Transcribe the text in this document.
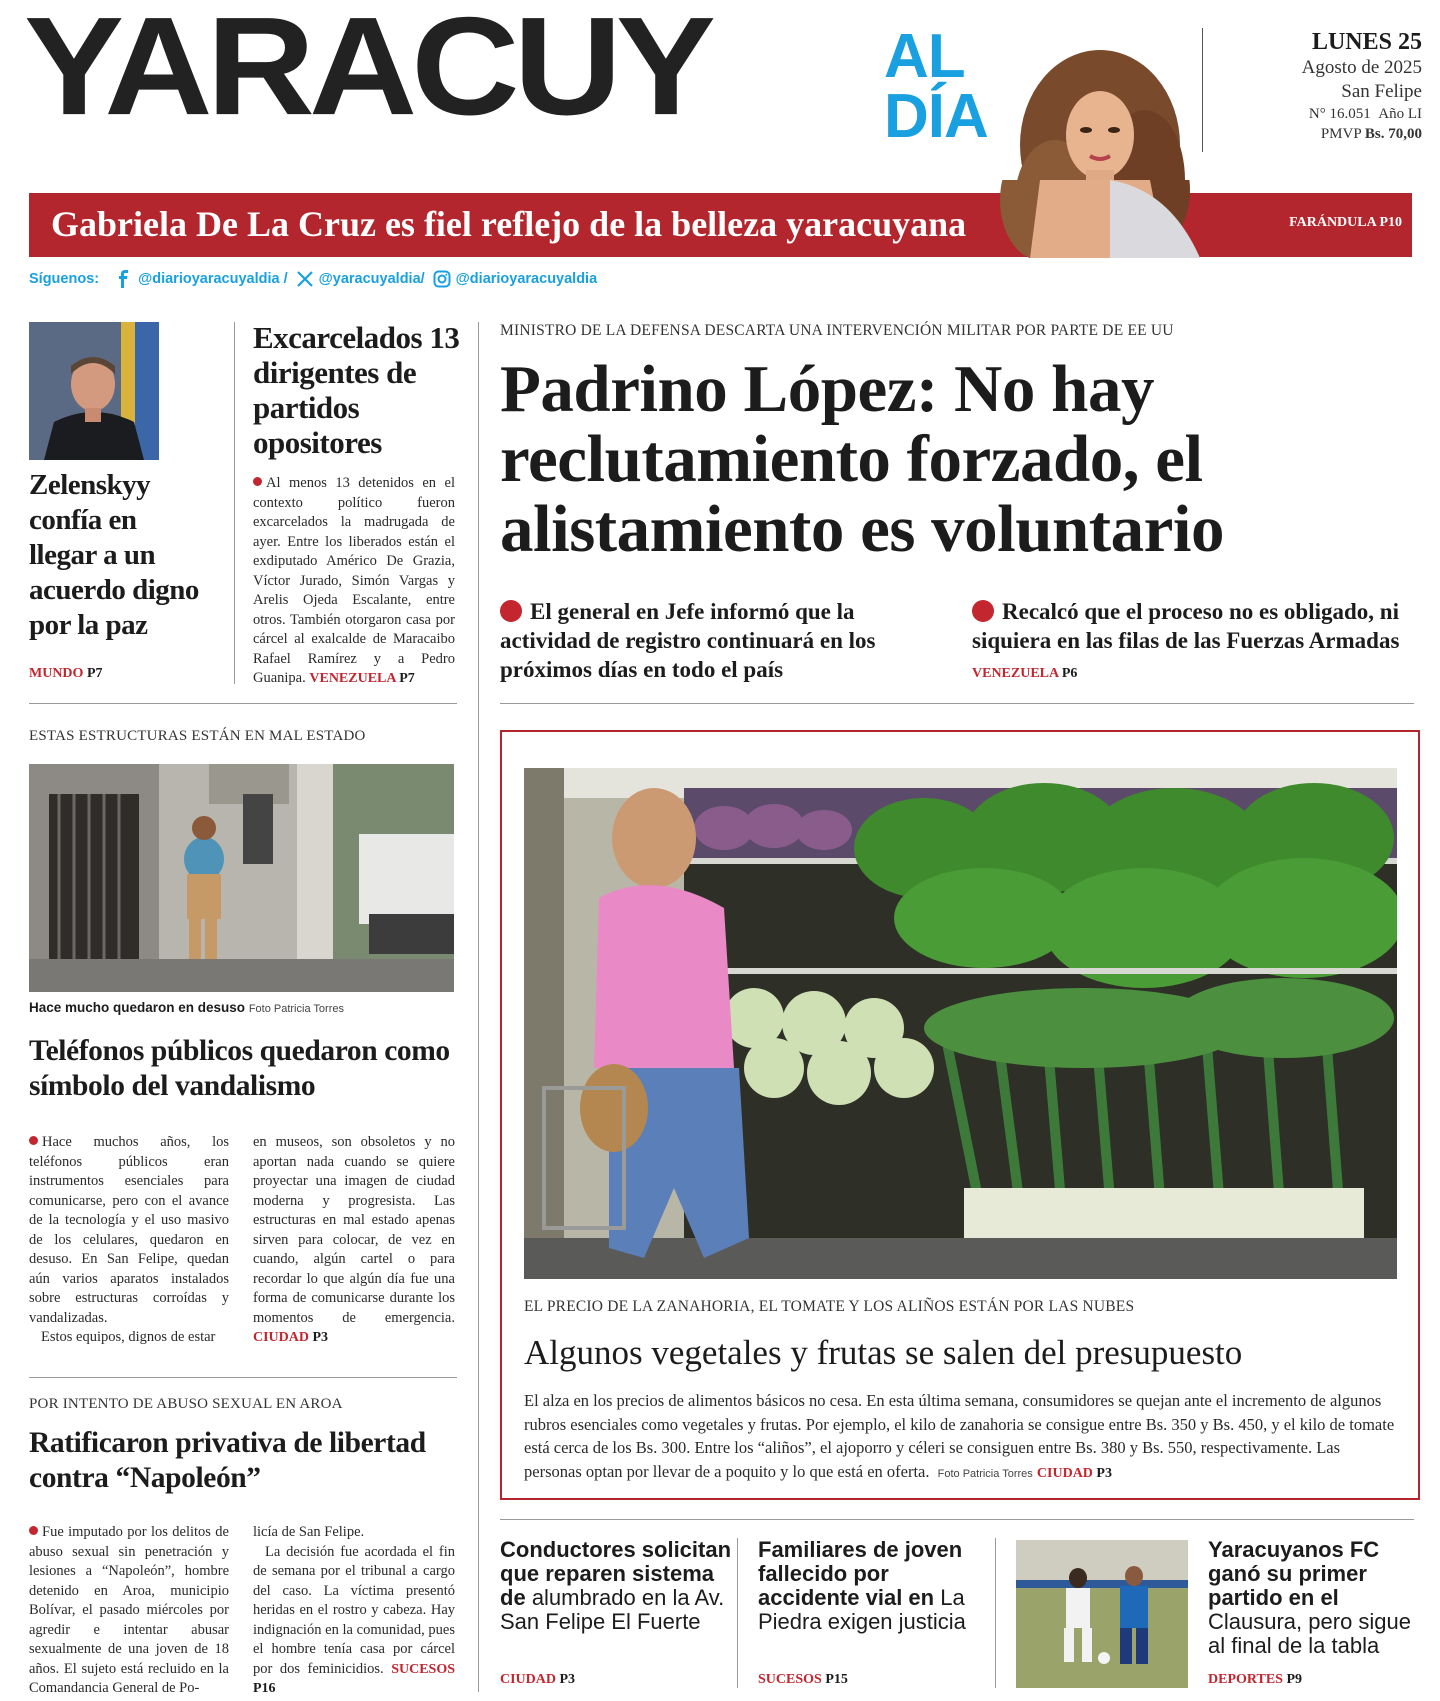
YARACUY	AL
DÍA
LUNES 25
Agosto de 2025
San Felipe
N° 16.051 Año LI
PMVP Bs. 70,00
Gabriela De La Cruz es fiel reflejo de la belleza yaracuyana	FARÁNDULA P10
Síguenos:	@diarioyaracuyaldia / @yaracuyaldia/ @diarioyaracuyaldia
Zelenskyy confía en llegar a un acuerdo digno por la paz
MUNDO P7
Excarcelados 13 dirigentes de partidos opositores
Al menos 13 detenidos en el contexto político fueron excarcelados la madrugada de ayer. Entre los liberados están el exdiputado Américo De Grazia, Víctor Jurado, Simón Vargas y Arelis Ojeda Escalante, entre otros. También otorgaron casa por cárcel al exalcalde de Maracaibo Rafael Ramírez y a Pedro Guanipa. VENEZUELA P7
MINISTRO DE LA DEFENSA DESCARTA UNA INTERVENCIÓN MILITAR POR PARTE DE EE UU
Padrino López: No hay reclutamiento forzado, el alistamiento es voluntario
El general en Jefe informó que la actividad de registro continuará en los próximos días en todo el país
Recalcó que el proceso no es obligado, ni siquiera en las filas de las Fuerzas Armadas VENEZUELA P6
ESTAS ESTRUCTURAS ESTÁN EN MAL ESTADO
Hace mucho quedaron en desuso Foto Patricia Torres
Teléfonos públicos quedaron como símbolo del vandalismo
Hace muchos años, los teléfonos públicos eran instrumentos esenciales para comunicarse, pero con el avance de la tecnología y el uso masivo de los celulares, quedaron en desuso. En San Felipe, quedan aún varios aparatos instalados sobre estructuras corroídas y vandalizadas.
Estos equipos, dignos de estar
en museos, son obsoletos y no aportan nada cuando se quiere proyectar una imagen de ciudad moderna y progresista. Las estructuras en mal estado apenas sirven para colocar, de vez en cuando, algún cartel o para recordar lo que algún día fue una forma de comunicarse durante los momentos de emergencia. CIUDAD P3
POR INTENTO DE ABUSO SEXUAL EN AROA
Ratificaron privativa de libertad contra “Napoleón”
Fue imputado por los delitos de abuso sexual sin penetración y lesiones a “Napoleón”, hombre detenido en Aroa, municipio Bolívar, el pasado miércoles por agredir e intentar abusar sexualmente de una joven de 18 años. El sujeto está recluido en la Comandancia General de Po-
licía de San Felipe.
La decisión fue acordada el fin de semana por el tribunal a cargo del caso. La víctima presentó heridas en el rostro y cabeza. Hay indignación en la comunidad, pues el hombre tenía casa por cárcel por dos feminicidios. SUCESOS P16
EL PRECIO DE LA ZANAHORIA, EL TOMATE Y LOS ALIÑOS ESTÁN POR LAS NUBES
Algunos vegetales y frutas se salen del presupuesto
El alza en los precios de alimentos básicos no cesa. En esta última semana, consumidores se quejan ante el incremento de algunos rubros esenciales como vegetales y frutas. Por ejemplo, el kilo de zanahoria se consigue entre Bs. 350 y Bs. 450, y el kilo de tomate está cerca de los Bs. 300. Entre los “aliños”, el ajoporro y céleri se consiguen entre Bs. 380 y Bs. 550, respectivamente. Las personas optan por llevar de a poquito y lo que está en oferta. Foto Patricia Torres CIUDAD P3
Conductores solicitan que reparen sistema de alumbrado en la Av. San Felipe El Fuerte
CIUDAD P3
Familiares de joven fallecido por accidente vial en La Piedra exigen justicia
SUCESOS P15
Yaracuyanos FC ganó su primer partido en el Clausura, pero sigue al final de la tabla
DEPORTES P9
